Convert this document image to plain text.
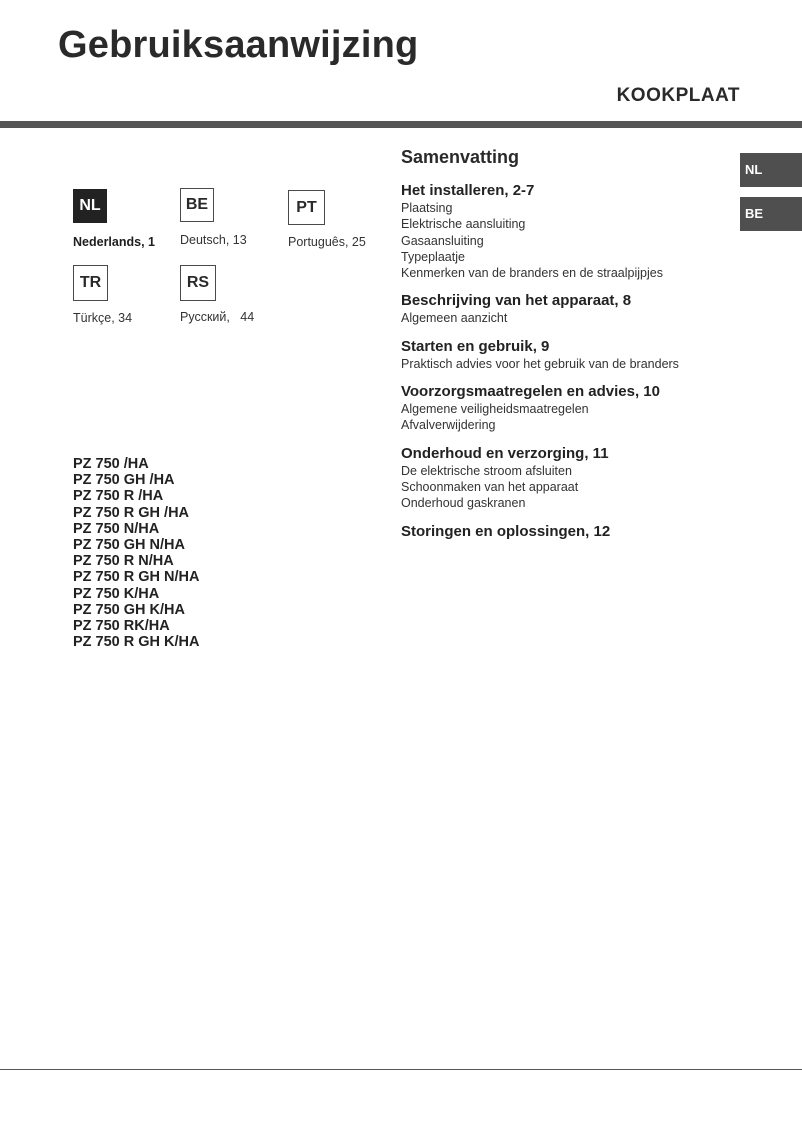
Gebruiksaanwijzing
KOOKPLAAT
NL
Nederlands, 1
BE
Deutsch, 13
PT
Português, 25
TR
Türkçe, 34
RS
Русский,   44
PZ 750 /HA
PZ 750 GH /HA
PZ 750 R /HA
PZ 750 R GH /HA
PZ 750 N/HA
PZ 750 GH N/HA
PZ 750 R N/HA
PZ 750 R GH N/HA
PZ 750 K/HA
PZ 750 GH K/HA
PZ 750 RK/HA
PZ 750 R GH K/HA
Samenvatting
Het installeren, 2-7
Plaatsing
Elektrische aansluiting
Gasaansluiting
Typeplaatje
Kenmerken van de branders en de straalpijpjes
Beschrijving van het apparaat, 8
Algemeen aanzicht
Starten en gebruik, 9
Praktisch advies voor het gebruik van de branders
Voorzorgsmaatregelen en advies, 10
Algemene veiligheidsmaatregelen
Afvalverwijdering
Onderhoud en verzorging, 11
De elektrische stroom afsluiten
Schoonmaken van het apparaat
Onderhoud gaskranen
Storingen en oplossingen, 12
NL
BE
